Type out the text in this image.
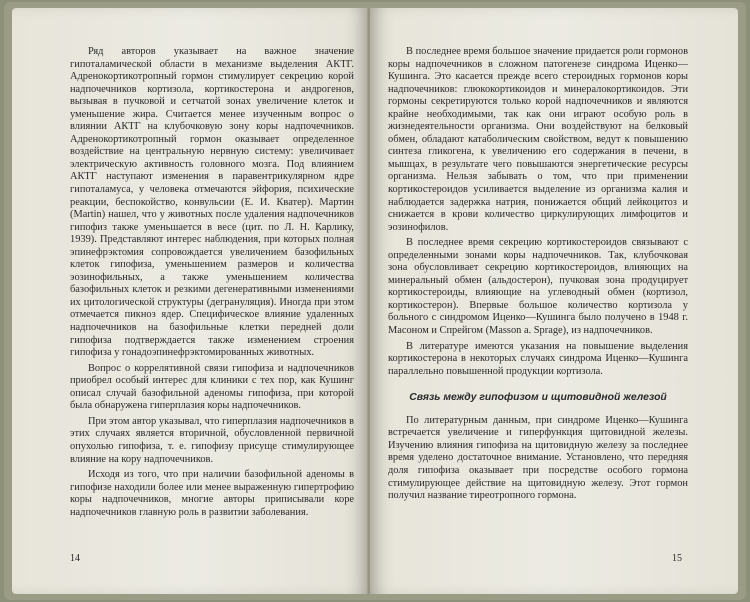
Ряд авторов указывает на важное значение гипоталамической области в механизме выделения АКТГ. Адренокортикотропный гормон стимулирует секрецию корой надпочечников кортизола, кортикостерона и андрогенов, вызывая в пучковой и сетчатой зонах увеличение клеток и уменьшение жира. Считается менее изученным вопрос о влиянии АКТГ на клубочковую зону коры надпочечников. Адренокортикотропный гормон оказывает определенное воздействие на центральную нервную систему: увеличивает электрическую активность головного мозга. Под влиянием АКТГ наступают изменения в паравентрикулярном ядре гипоталамуса, у человека отмечаются эйфория, психические реакции, беспокойство, конвульсии (Е. И. Кватер). Мартин (Martin) нашел, что у животных после удаления надпочечников гипофиз также уменьшается в весе (цит. по Л. Н. Карлику, 1939). Представляют интерес наблюдения, при которых полная эпинефрэктомия сопровождается увеличением базофильных клеток гипофиза, уменьшением размеров и количества эозинофильных, а также уменьшением количества базофильных клеток и резкими дегенеративными изменениями их цитологической структуры (дегрануляция). Иногда при этом отмечается пикноз ядер. Специфическое влияние удаленных надпочечников на базофильные клетки передней доли гипофиза подтверждается также изменением строения гипофиза у гонадоэпинефрэктомированных животных.

Вопрос о коррелятивной связи гипофиза и надпочечников приобрел особый интерес для клиники с тех пор, как Кушинг описал случай базофильной аденомы гипофиза, при которой была обнаружена гиперплазия коры надпочечников.

При этом автор указывал, что гиперплазия надпочечников в этих случаях является вторичной, обусловленной первичной опухолью гипофиза, т. е. гипофизу присуще стимулирующее влияние на кору надпочечников.

Исходя из того, что при наличии базофильной аденомы в гипофизе находили более или менее выраженную гипертрофию коры надпочечников, многие авторы приписывали коре надпочечников главную роль в развитии заболевания.

14

В последнее время большое значение придается роли гормонов коры надпочечников в сложном патогенезе синдрома Иценко—Кушинга. Это касается прежде всего стероидных гормонов коры надпочечников: глюкокортикоидов и минералокортикоидов. Эти гормоны секретируются только корой надпочечников и являются крайне необходимыми, так как они играют особую роль в жизнедеятельности организма. Они воздействуют на белковый обмен, обладают катаболическим свойством, ведут к повышению синтеза гликогена, к увеличению его содержания в печени, в мышцах, в результате чего повышаются энергетические ресурсы организма. Нельзя забывать о том, что при применении кортикостероидов усиливается выделение из организма калия и наблюдается задержка натрия, понижается общий лейкоцитоз и снижается в крови количество циркулирующих лимфоцитов и эозинофилов.

В последнее время секрецию кортикостероидов связывают с определенными зонами коры надпочечников. Так, клубочковая зона обусловливает секрецию кортикостероидов, влияющих на минеральный обмен (альдостерон), пучковая зона продуцирует кортикостероиды, влияющие на углеводный обмен (кортизол, кортикостерон). Впервые большое количество кортизола у больного с синдромом Иценко—Кушинга было получено в 1948 г. Масоном и Спрейгом (Masson a. Sprage), из надпочечников.

В литературе имеются указания на повышение выделения кортикостерона в некоторых случаях синдрома Иценко—Кушинга параллельно повышенной продукции кортизола.

Связь между гипофизом и щитовидной железой

По литературным данным, при синдроме Иценко—Кушинга встречается увеличение и гиперфункция щитовидной железы. Изучению влияния гипофиза на щитовидную железу за последнее время уделено достаточное внимание. Установлено, что передняя доля гипофиза оказывает при посредстве особого гормона стимулирующее действие на щитовидную железу. Этот гормон получил название тиреотропного гормона.

15
